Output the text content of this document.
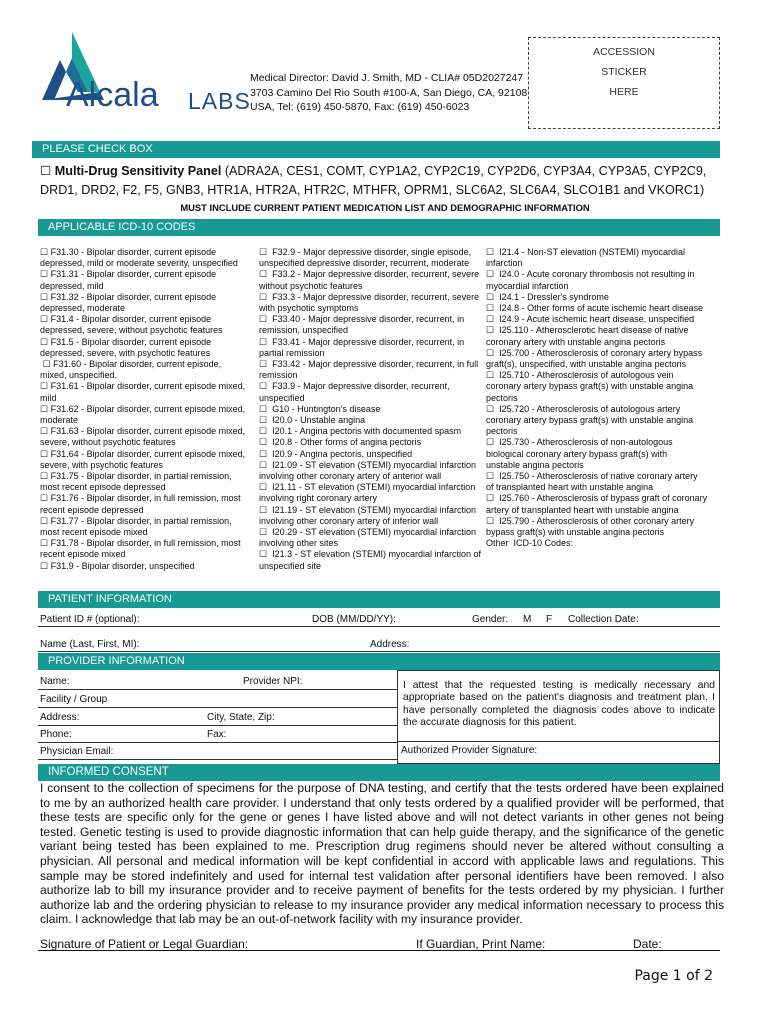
Alcala LABS
Medical Director: David J. Smith, MD - CLIA# 05D2027247
3703 Camino Del Rio South #100-A, San Diego, CA, 92108
USA, Tel: (619) 450-5870, Fax: (619) 450-6023
ACCESSION
STICKER
HERE
PLEASE CHECK BOX
☐ Multi-Drug Sensitivity Panel (ADRA2A, CES1, COMT, CYP1A2, CYP2C19, CYP2D6, CYP3A4, CYP3A5, CYP2C9,
DRD1, DRD2, F2, F5, GNB3, HTR1A, HTR2A, HTR2C, MTHFR, OPRM1, SLC6A2, SLC6A4, SLCO1B1 and VKORC1)
MUST INCLUDE CURRENT PATIENT MEDICATION LIST AND DEMOGRAPHIC INFORMATION
APPLICABLE ICD-10 CODES
☐ F31.30 - Bipolar disorder, current episode
depressed, mild or moderate severity, unspecified
☐ F31.31 - Bipolar disorder, current episode
depressed, mild
☐ F31.32 - Bipolar disorder, current episode
depressed, moderate
☐ F31.4 - Bipolar disorder, current episode
depressed, severe, without psychotic features
☐ F31.5 - Bipolar disorder, current episode
depressed, severe, with psychotic features
☐ F31.60 - Bipolar disorder, current episode,
mixed, unspecified.
☐ F31.61 - Bipolar disorder, current episode mixed,
mild
☐ F31.62 - Bipolar disorder, current episode mixed,
moderate
☐ F31.63 - Bipolar disorder, current episode mixed,
severe, without psychotic features
☐ F31.64 - Bipolar disorder, current episode mixed,
severe, with psychotic features
☐ F31.75 - Bipolar disorder, in partial remission,
most recent episode depressed
☐ F31.76 - Bipolar disorder, in full remission, most
recent episode depressed
☐ F31.77 - Bipolar disorder, in partial remission,
most recent episode mixed
☐ F31.78 - Bipolar disorder, in full remission, most
recent episode mixed
☐ F31.9 - Bipolar disorder, unspecified
☐  F32.9 - Major depressive disorder, single episode,
unspecified depressive disorder, recurrent, moderate
☐  F33.2 - Major depressive disorder, recurrent, severe
without psychotic features
☐  F33.3 - Major depressive disorder, recurrent, severe
with psychotic symptoms
☐  F33.40 - Major depressive disorder, recurrent, in
remission, unspecified
☐  F33.41 - Major depressive disorder, recurrent, in
partial remission
☐  F33.42 - Major depressive disorder, recurrent, in full
remission
☐  F33.9 - Major depressive disorder, recurrent,
unspecified
☐  G10 - Huntington's disease
☐  I20.0 - Unstable angina
☐  I20.1 - Angina pectoris with documented spasm
☐  I20.8 - Other forms of angina pectoris
☐  I20.9 - Angina pectoris, unspecified
☐  I21.09 - ST elevation (STEMI) myocardial infarction
involving other coronary artery of anterior wall
☐  I21.11 - ST elevation (STEMI) myocardial infarction
involving right coronary artery
☐  I21.19 - ST elevation (STEMI) myocardial infarction
involving other coronary artery of inferior wall
☐  I20.29 - ST elevation (STEMI) myocardial infarction
involving other sites
☐  I21.3 - ST elevation (STEMI) myocardial infarction of
unspecified site
☐  I21.4 - Non-ST elevation (NSTEMI) myocardial
infarction
☐  I24.0 - Acute coronary thrombosis not resulting in
myocardial infarction
☐  I24.1 - Dressler's syndrome
☐  I24.8 - Other forms of acute ischemic heart disease
☐  I24.9 - Acute ischemic heart disease, unspecified
☐  I25.110 - Atherosclerotic heart disease of native
coronary artery with unstable angina pectoris
☐  I25.700 - Atherosclerosis of coronary artery bypass
graft(s), unspecified, with unstable angina pectoris
☐  I25.710 - Atherosclerosis of autologous vein
coronary artery bypass graft(s) with unstable angina
pectoris
☐  I25.720 - Atherosclerosis of autologous artery
coronary artery bypass graft(s) with unstable angina
pectoris
☐  I25.730 - Atherosclerosis of non-autologous
biological coronary artery bypass graft(s) with
unstable angina pectoris
☐  I25.750 - Atherosclerosis of native coronary artery
of transplanted heart with unstable angina
☐  I25.760 - Atherosclerosis of bypass graft of coronary
artery of transplanted heart with unstable angina
☐  I25.790 - Atherosclerosis of other coronary artery
bypass graft(s) with unstable angina pectoris
Other  ICD-10 Codes:
PATIENT INFORMATION
Patient ID # (optional):	DOB (MM/DD/YY):	Gender: M F Collection Date:
Name (Last, First, MI):	Address:
PROVIDER INFORMATION
Name:	Provider NPI:
Facility / Group
Address:	City, State, Zip:
Phone:	Fax:
Physician Email:
I attest that the requested testing is medically necessary and appropriate based on the patient's diagnosis and treatment plan. I have personally completed the diagnosis codes above to indicate the accurate diagnosis for this patient.
Authorized Provider Signature:
INFORMED CONSENT
I consent to the collection of specimens for the purpose of DNA testing, and certify that the tests ordered have been explained to me by an authorized health care provider. I understand that only tests ordered by a qualified provider will be performed, that these tests are specific only for the gene or genes I have listed above and will not detect variants in other genes not being tested. Genetic testing is used to provide diagnostic information that can help guide therapy, and the significance of the genetic variant being tested has been explained to me. Prescription drug regimens should never be altered without consulting a physician. All personal and medical information will be kept confidential in accord with applicable laws and regulations. This sample may be stored indefinitely and used for internal test validation after personal identifiers have been removed. I also authorize lab to bill my insurance provider and to receive payment of benefits for the tests ordered by my physician. I further authorize lab and the ordering physician to release to my insurance provider any medical information necessary to process this claim. I acknowledge that lab may be an out-of-network facility with my insurance provider.
Signature of Patient or Legal Guardian:	If Guardian, Print Name:	Date:
Page 1 of 2
